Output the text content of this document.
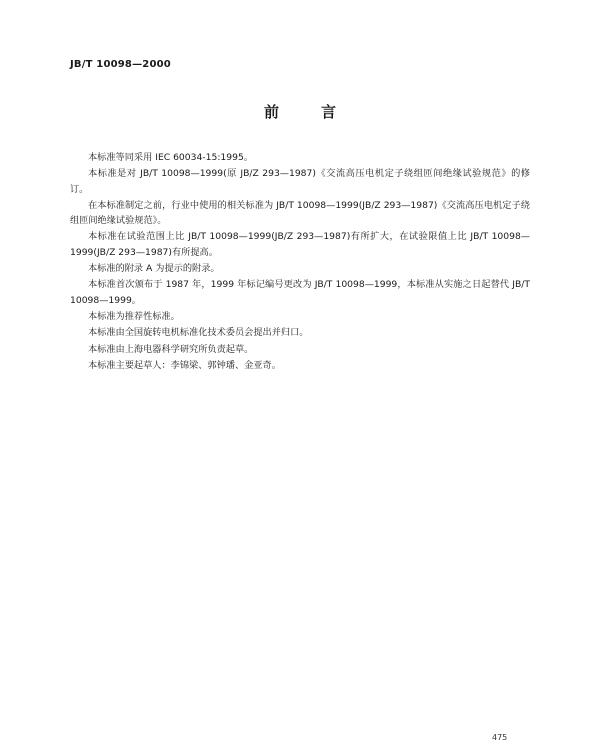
JB/T 10098—2000
前	言

本标准等同采用 IEC 60034-15:1995。

本标准是对 JB/T 10098—1999(原 JB/Z 293—1987)《交流高压电机定子绕组匝间绝缘试验规范》的修订。

在本标准制定之前，行业中使用的相关标准为 JB/T 10098—1999(JB/Z 293—1987)《交流高压电机定子绕组匝间绝缘试验规范》。

本标准在试验范围上比 JB/T 10098—1999(JB/Z 293—1987)有所扩大，在试验限值上比 JB/T 10098—1999(JB/Z 293—1987)有所提高。

本标准的附录 A 为提示的附录。

本标准首次颁布于 1987 年，1999 年标记编号更改为 JB/T 10098—1999，本标准从实施之日起替代 JB/T 10098—1999。

本标准为推荐性标准。

本标准由全国旋转电机标准化技术委员会提出并归口。

本标准由上海电器科学研究所负责起草。

本标准主要起草人：李锦梁、郭钟璠、金亚奇。

475
